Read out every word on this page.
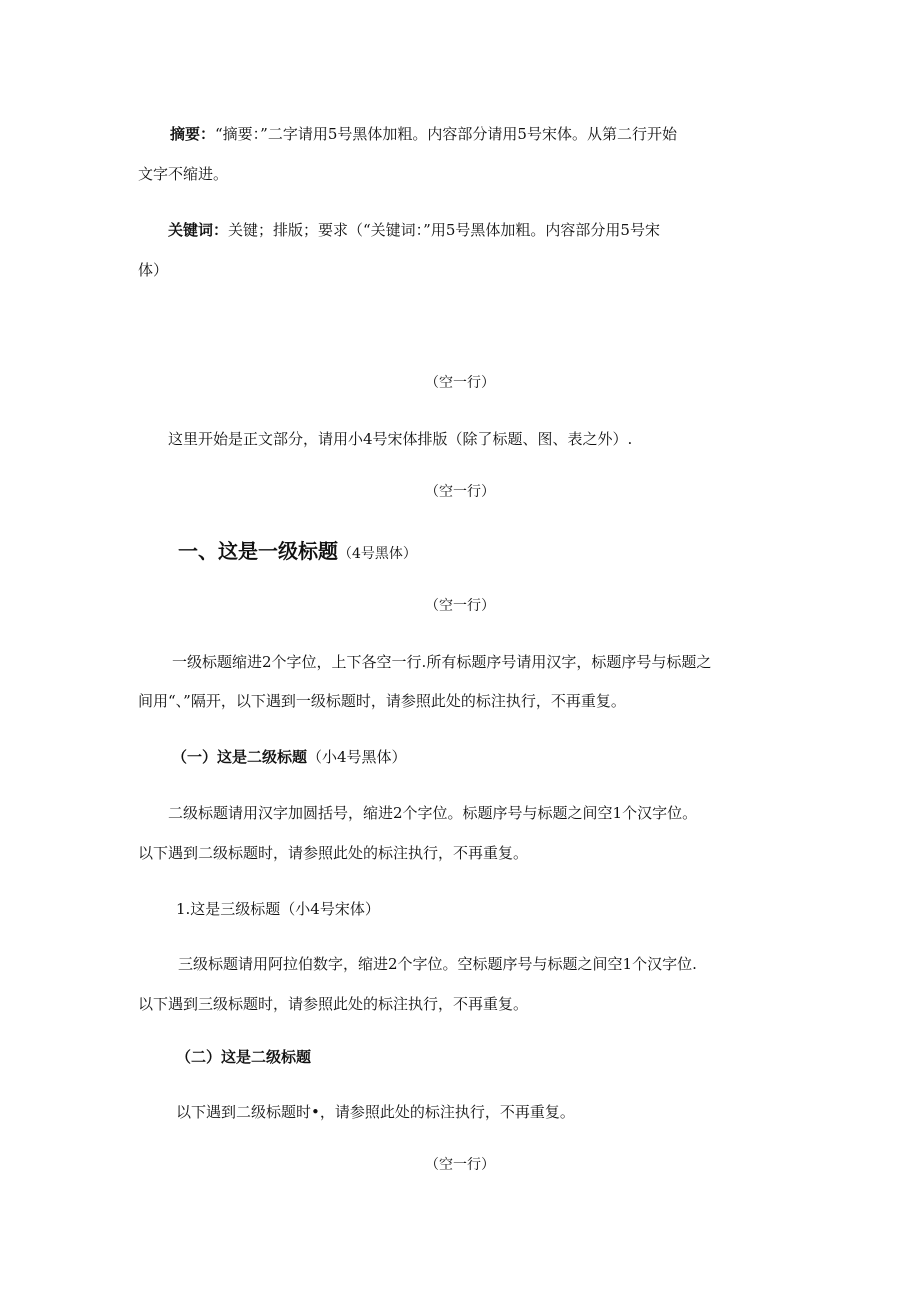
摘要：“摘要：”二字请用5号黑体加粗。内容部分请用5号宋体。从第二行开始
文字不缩进。
关键词：关键；排版；要求（“关键词：”用5号黑体加粗。内容部分用5号宋
体）
（空一行）
这里开始是正文部分，请用小4号宋体排版（除了标题、图、表之外）.
（空一行）
一、这是一级标题（4号黑体）
（空一行）
一级标题缩进2个字位，上下各空一行.所有标题序号请用汉字，标题序号与标题之
间用“、”隔开，以下遇到一级标题时，请参照此处的标注执行，不再重复。
（一）这是二级标题（小4号黑体）
二级标题请用汉字加圆括号，缩进2个字位。标题序号与标题之间空1个汉字位。
以下遇到二级标题时，请参照此处的标注执行，不再重复。
1.这是三级标题（小4号宋体）
三级标题请用阿拉伯数字，缩进2个字位。空标题序号与标题之间空1个汉字位.
以下遇到三级标题时，请参照此处的标注执行，不再重复。
（二）这是二级标题
以下遇到二级标题时•，请参照此处的标注执行，不再重复。
（空一行）
